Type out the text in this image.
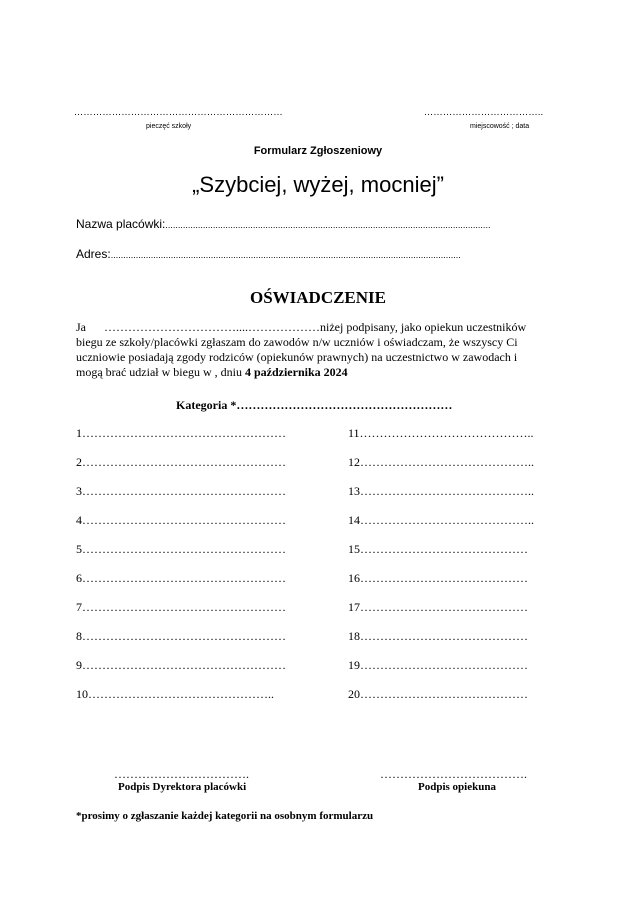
…………………………………………………………
pieczęć szkoły
………………………………..
miejscowość ; data
Formularz Zgłoszeniowy
„Szybciej, wyżej, mocniej”
Nazwa placówki:..................................................................................................................................
Adres:............................................................................................................................................
OŚWIADCZENIE
Ja ……………………………....………………niżej podpisany, jako opiekun uczestników
biegu ze szkoły/placówki zgłaszam do zawodów n/w uczniów i oświadczam, że wszyscy Ci
uczniowie posiadają zgody rodziców (opiekunów prawnych) na uczestnictwo w zawodach i
mogą brać udział w biegu w , dniu 4 października 2024
Kategoria *………………………………………………
1……………………………………………
2……………………………………………
3……………………………………………
4……………………………………………
5……………………………………………
6……………………………………………
7……………………………………………
8……………………………………………
9……………………………………………
10………………………………………..
11……………………………………..
12……………………………………..
13……………………………………..
14……………………………………..
15……………………………………
16……………………………………
17……………………………………
18……………………………………
19……………………………………
20……………………………………
…………………………….
Podpis Dyrektora placówki
……………………………….
Podpis opiekuna
*prosimy o zgłaszanie każdej kategorii na osobnym formularzu
